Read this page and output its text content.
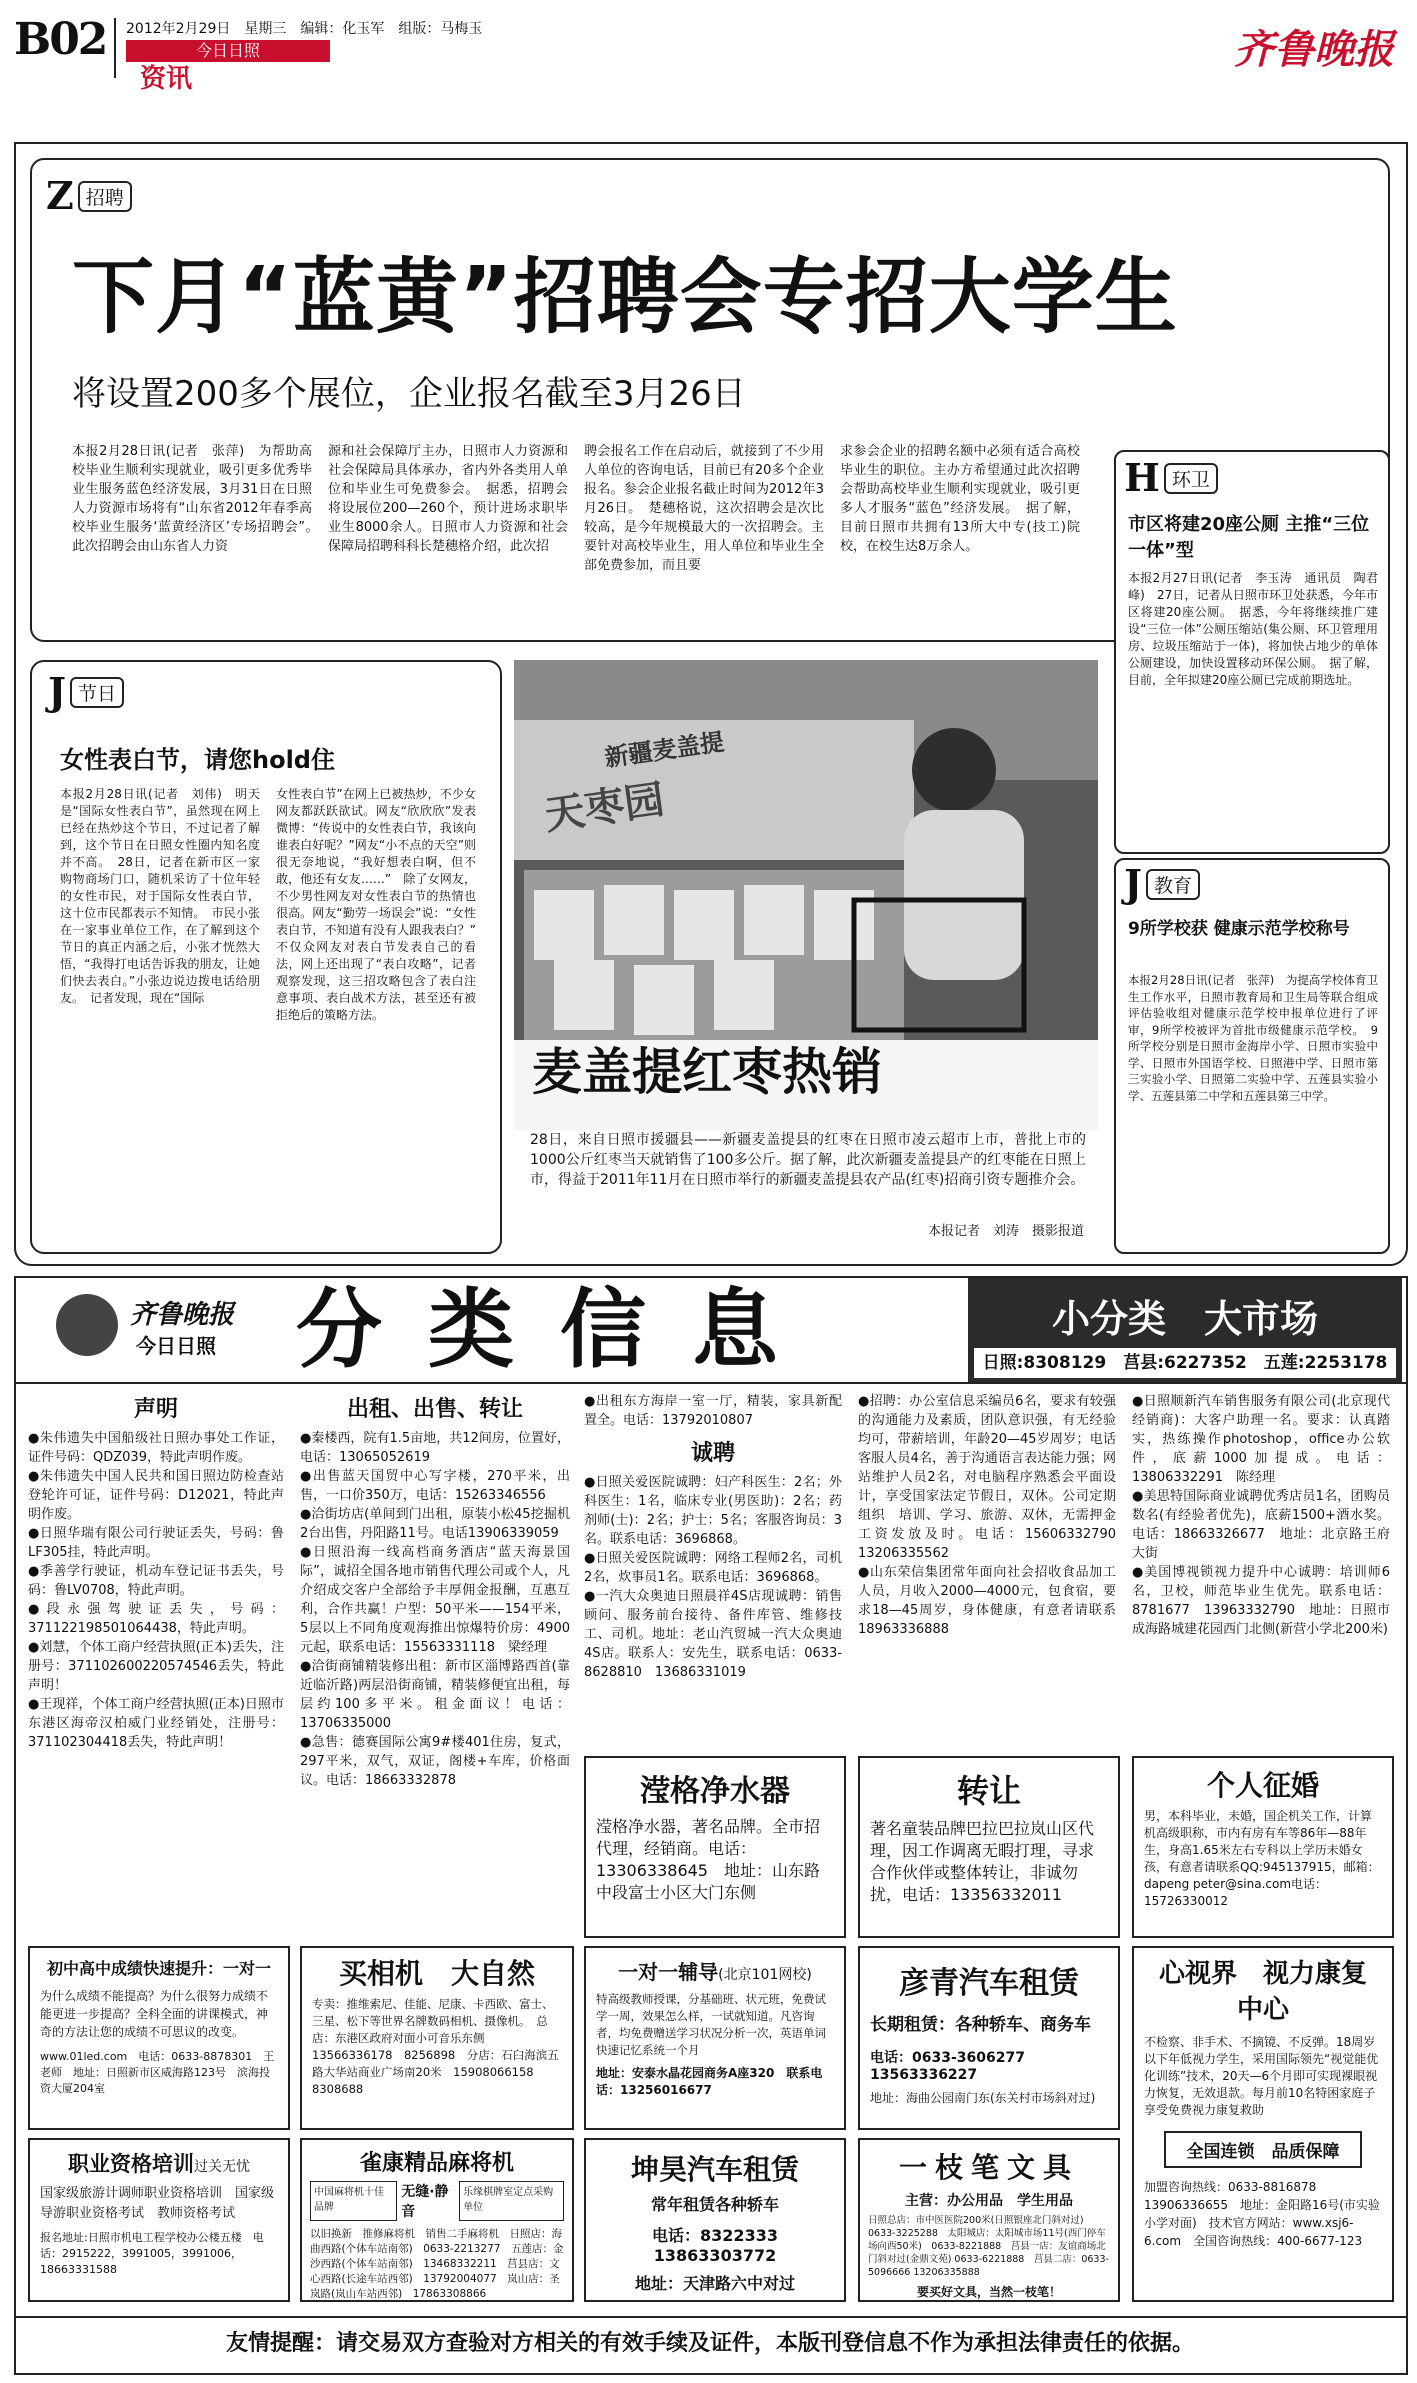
B02 2012年2月29日　星期三　编辑：化玉军　组版：马梅玉
今日日照
资讯
齐鲁晚报
Z 招聘
下月“蓝黄”招聘会专招大学生
将设置200多个展位，企业报名截至3月26日
本报2月28日讯(记者　张萍)　为帮助高校毕业生顺利实现就业，吸引更多优秀毕业生服务蓝色经济发展，3月31日在日照人力资源市场将有“山东省2012年春季高校毕业生服务‘蓝黄经济区’专场招聘会”。　此次招聘会由山东省人力资
源和社会保障厅主办，日照市人力资源和社会保障局具体承办，省内外各类用人单位和毕业生可免费参会。　据悉，招聘会将设展位200—260个，预计进场求职毕业生8000余人。日照市人力资源和社会保障局招聘科科长楚穗格介绍，此次招
聘会报名工作在启动后，就接到了不少用人单位的咨询电话，目前已有20多个企业报名。参会企业报名截止时间为2012年3月26日。　楚穗格说，这次招聘会是次比较高，是今年规模最大的一次招聘会。主要针对高校毕业生，用人单位和毕业生全部免费参加，而且要
求参会企业的招聘名额中必须有适合高校毕业生的职位。主办方希望通过此次招聘会帮助高校毕业生顺利实现就业，吸引更多人才服务“蓝色”经济发展。　据了解，目前日照市共拥有13所大中专(技工)院校，在校生达8万余人。
H 环卫
市区将建20座公厕 主推“三位一体”型
本报2月27日讯(记者　李玉涛　通讯员　陶君峰)　27日，记者从日照市环卫处获悉，今年市区将建20座公厕。　据悉，今年将继续推广建设“三位一体”公厕压缩站(集公厕、环卫管理用房、垃圾压缩站于一体)，将加快占地少的单体公厕建设，加快设置移动环保公厕。　据了解，目前，全年拟建20座公厕已完成前期选址。
J 节日
女性表白节，请您hold住
本报2月28日讯(记者　刘伟)　明天是“国际女性表白节”，虽然现在网上已经在热炒这个节日，不过记者了解到，这个节日在日照女性圈内知名度并不高。　28日，记者在新市区一家购物商场门口，随机采访了十位年轻的女性市民，对于国际女性表白节，这十位市民都表示不知情。　市民小张在一家事业单位工作，在了解到这个节日的真正内涵之后，小张才恍然大悟，“我得打电话告诉我的朋友，让她们快去表白。”小张边说边拨电话给朋友。　记者发现，现在“国际
女性表白节”在网上已被热炒，不少女网友都跃跃欲试。网友“欣欣欣”发表微博：“传说中的女性表白节，我该向谁表白好呢？”网友“小不点的天空”则很无奈地说，“我好想表白啊，但不敢，他还有女友……”　除了女网友，不少男性网友对女性表白节的热情也很高。网友“勤劳一场误会”说：“女性表白节，不知道有没有人跟我表白？”　不仅众网友对表白节发表自己的看法，网上还出现了“表白攻略”，记者观察发现，这三招攻略包含了表白注意事项、表白战术方法，甚至还有被拒绝后的策略方法。
新疆麦盖提
天枣园
麦盖提红枣热销
28日，来自日照市援疆县——新疆麦盖提县的红枣在日照市凌云超市上市，普批上市的1000公斤红枣当天就销售了100多公斤。据了解，此次新疆麦盖提县产的红枣能在日照上市，得益于2011年11月在日照市举行的新疆麦盖提县农产品(红枣)招商引资专题推介会。
本报记者　刘涛　摄影报道
J 教育
9所学校获 健康示范学校称号
本报2月28日讯(记者　张萍)　为提高学校体育卫生工作水平，日照市教育局和卫生局等联合组成评估验收组对健康示范学校申报单位进行了评审，9所学校被评为首批市级健康示范学校。　9所学校分别是日照市金海岸小学、日照市实验中学、日照市外国语学校、日照港中学、日照市第三实验小学、日照第二实验中学、五莲县实验小学、五莲县第二中学和五莲县第三中学。
齐鲁晚报
今日日照 分类信息	小分类　大市场
日照:8308129　莒县:6227352　五莲:2253178
声明
●朱伟遗失中国船级社日照办事处工作证，证件号码：QDZ039，特此声明作废。
●朱伟遗失中国人民共和国日照边防检查站登轮许可证，证件号码：D12021，特此声明作废。
●日照华瑞有限公司行驶证丢失，号码：鲁LF305挂，特此声明。
●季善学行驶证，机动车登记证书丢失，号码：鲁LV0708，特此声明。
●段永强驾驶证丢失，号码：371122198501064438，特此声明。
●刘慧，个体工商户经营执照(正本)丢失，注册号：371102600220574546丢失，特此声明！
●王现祥，个体工商户经营执照(正本)日照市东港区海帝汉柏威门业经销处，注册号：371102304418丢失，特此声明！
出租、出售、转让
●秦楼西，院有1.5亩地，共12间房，位置好，电话：13065052619
●出售蓝天国贸中心写字楼，270平米，出售，一口价350万，电话：15263346556
●洽街坊店(单间到门出租，原装小松45挖掘机2台出售，丹阳路11号。电话13906339059
●日照沿海一线高档商务酒店“蓝天海景国际”，诚招全国各地市销售代理公司或个人，凡介绍成交客户全部给予丰厚佣金报酬，互惠互利，合作共赢！户型：50平米——154平米，5层以上不同角度观海推出惊爆特价房：4900元起，联系电话：15563331118　梁经理
●洽街商铺精装修出租：新市区淄博路西首(靠近临沂路)两层沿街商铺，精装修便宜出租，每层约100多平米。租金面议！电话：13706335000
●急售：德赛国际公寓9#楼401住房，复式，297平米，双气，双证，阁楼+车库，价格面议。电话：18663332878
●出租东方海岸一室一厅，精装，家具新配置全。电话：13792010807
诚聘
●日照关爱医院诚聘：妇产科医生：2名；外科医生：1名，临床专业(男医助)：2名；药剂师(士)：2名；护士：5名；客服咨询员：3名。联系电话：3696868。
●日照关爱医院诚聘：网络工程师2名，司机2名，炊事员1名。联系电话：3696868。
●一汽大众奥迪日照晨祥4S店现诚聘：销售顾问、服务前台接待、备件库管、维修技工、司机。地址：老山汽贸城一汽大众奥迪4S店。联系人：安先生，联系电话：0633-8628810　13686331019
●招聘：办公室信息采编员6名，要求有较强的沟通能力及素质，团队意识强，有无经验均可，带薪培训，年龄20—45岁周岁；电话客服人员4名，善于沟通语言表达能力强；网站维护人员2名，对电脑程序熟悉会平面设计，享受国家法定节假日，双休。公司定期组织　培训、学习、旅游、双休，无需押金工资发放及时。电话：15606332790　13206335562
●山东荣信集团常年面向社会招收食品加工人员，月收入2000—4000元，包食宿，要求18—45周岁，身体健康，有意者请联系18963336888
●日照顺新汽车销售服务有限公司(北京现代经销商)：大客户助理一名。要求：认真踏实，热练操作photoshop，office办公软件，底薪1000加提成。电话：13806332291　陈经理
●美思特国际商业诚聘优秀店员1名，团购员数名(有经验者优先)，底薪1500+酒水奖。电话：18663326677　地址：北京路王府大街
●美国博视锁视力提升中心诚聘：培训师6名，卫校，师范毕业生优先。联系电话：8781677　13963332790　地址：日照市成海路城建花园西门北侧(新营小学北200米)
滢格净水器
滢格净水器，著名品牌。全市招代理，经销商。电话：13306338645　地址：山东路中段富士小区大门东侧
转让
著名童装品牌巴拉巴拉岚山区代理，因工作调离无暇打理，寻求合作伙伴或整体转让，非诚勿扰，电话：13356332011
个人征婚
男，本科毕业，未婚，国企机关工作，计算机高级职称，市内有房有车等86年—88年生，身高1.65米左右专科以上学历未婚女孩，有意者请联系QQ:945137915，邮箱：dapeng peter@sina.com电话：15726330012
初中高中成绩快速提升：一对一
为什么成绩不能提高？为什么很努力成绩不能更进一步提高？全科全面的讲课模式，神奇的方法让您的成绩不可思议的改变。
www.01led.com　电话：0633-8878301　王老师　地址：日照新市区威海路123号　滨海投资大厦204室
买相机　大自然
专卖：推维索尼、佳能、尼康、卡西欧、富士、三星、松下等世界名牌数码相机、摄像机。　总店：东港区政府对面小可音乐东侧　13566336178　8256898　分店：石臼海滨五路大华站商业广场南20米　15908066158　8308688
一对一辅导(北京101网校)
特高级教师授课，分基础班、状元班，免费试学一周，效果怎么样，一试就知道。凡咨询者，均免费赠送学习状况分析一次，英语单词快速记忆系统一个月
地址：安泰水晶花园商务A座320　联系电话：13256016677
彦青汽车租赁
长期租赁：各种轿车、商务车
电话：0633-3606277　13563336227
地址：海曲公园南门东(东关村市场斜对过)
心视界　视力康复中心
不检察、非手术、不摘镜、不反弹。18周岁以下年低视力学生，采用国际领先“视觉能优化训练”技术，20天—6个月即可实现裸眼视力恢复，无效退款。每月前10名特困家庭子享受免费视力康复救助
全国连锁　品质保障
加盟咨询热线：0633-8816878　13906336655　地址：金阳路16号(市实验小学对面)　技术官方网站：www.xsj6-6.com　全国咨询热线：400-6677-123
职业资格培训过关无忧
国家级旅游计调师职业资格培训　国家级导游职业资格考试　教师资格考试
报名地址:日照市机电工程学校办公楼五楼　电话：2915222，3991005，3991006，18663331588
雀康精品麻将机
中国麻将机十佳品牌
无缝·静音
乐缘棋牌室定点采购单位
以旧换新　推修麻将机　销售二手麻将机　日照店：海曲西路(个体车站南邻)　0633-2213277　五莲店：金沙西路(个体车站南邻)　13468332211　莒县店：文心西路(长途车站西邻)　13792004077　岚山店：圣岚路(岚山车站西邻)　17863308866
坤昊汽车租赁
常年租赁各种轿车
电话：8322333　13863303772
地址：天津路六中对过
一枝笔文具
主营：办公用品　学生用品
日照总店：市中医医院200米(日照银座北门斜对过)　0633-3225288　太阳城店：太阳城市场11号(西门停车场向西50米)　0633-8221888　莒县一店：友谊商场北门斜对过(金鼎文苑) 0633-6221888　莒县二店：0633-5096666 13206335888
要买好文具，当然一枝笔！
友情提醒：请交易双方查验对方相关的有效手续及证件，本版刊登信息不作为承担法律责任的依据。
